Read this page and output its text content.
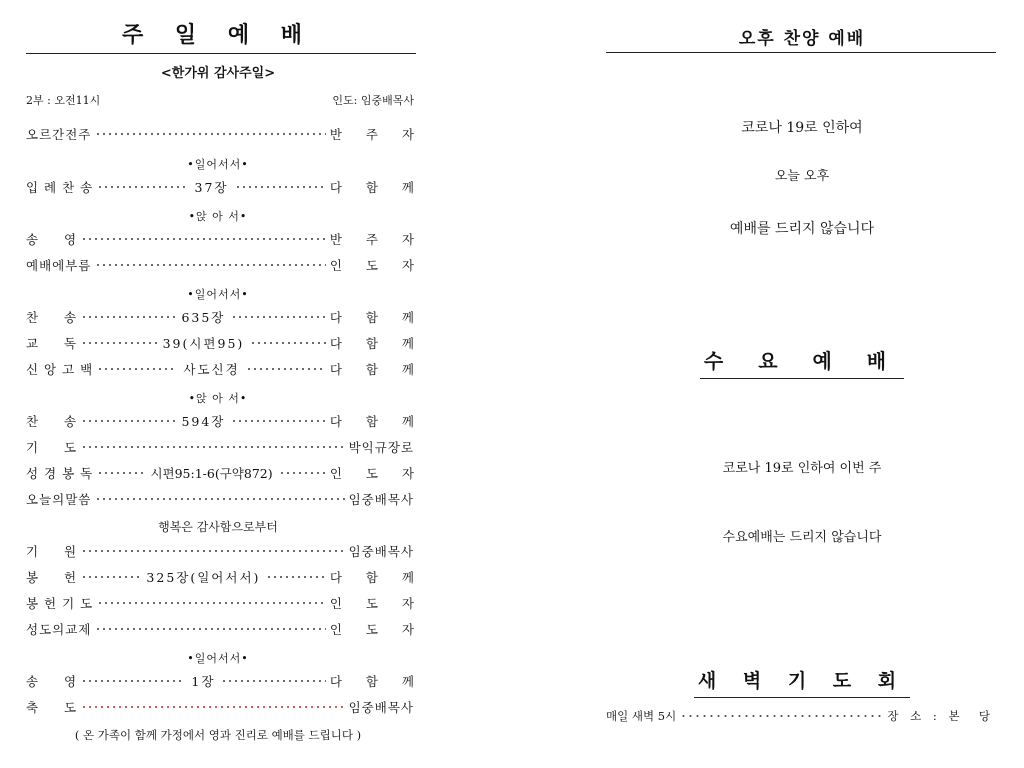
주 일 예 배
<한가위 감사주일>
2부 : 오전11시	인도: 임중배목사
오르간전주	반 주 자
•일어서서•
입 례 찬 송	37장	다 함 께
•앉 아 서•
송     영	반 주 자
예배에부름	인 도 자
•일어서서•
찬     송	635장	다 함 께
교     독	39(시편95)	다 함 께
신 앙 고 백	사도신경	다 함 께
•앉 아 서•
찬     송	594장	다 함 께
기     도	박익규장로
성 경 봉 독	시편95:1-6(구약872)	인 도 자
오늘의말씀	임중배목사
행복은 감사함으로부터
기     원	임중배목사
봉     헌	325장(일어서서)	다 함 께
봉 헌 기 도	인 도 자
성도의교제	인 도 자
•일어서서•
송     영	1장	다 함 께
축     도	임중배목사
( 온 가족이 함께 가정에서 영과 진리로 예배를 드립니다 )
오후 찬양 예배
코로나 19로 인하여
오늘 오후
예배를 드리지 않습니다
수 요 예 배
코로나 19로 인하여 이번 주
수요예배는 드리지 않습니다
새 벽 기 도 회
매일 새벽 5시	장 소 : 본  당
